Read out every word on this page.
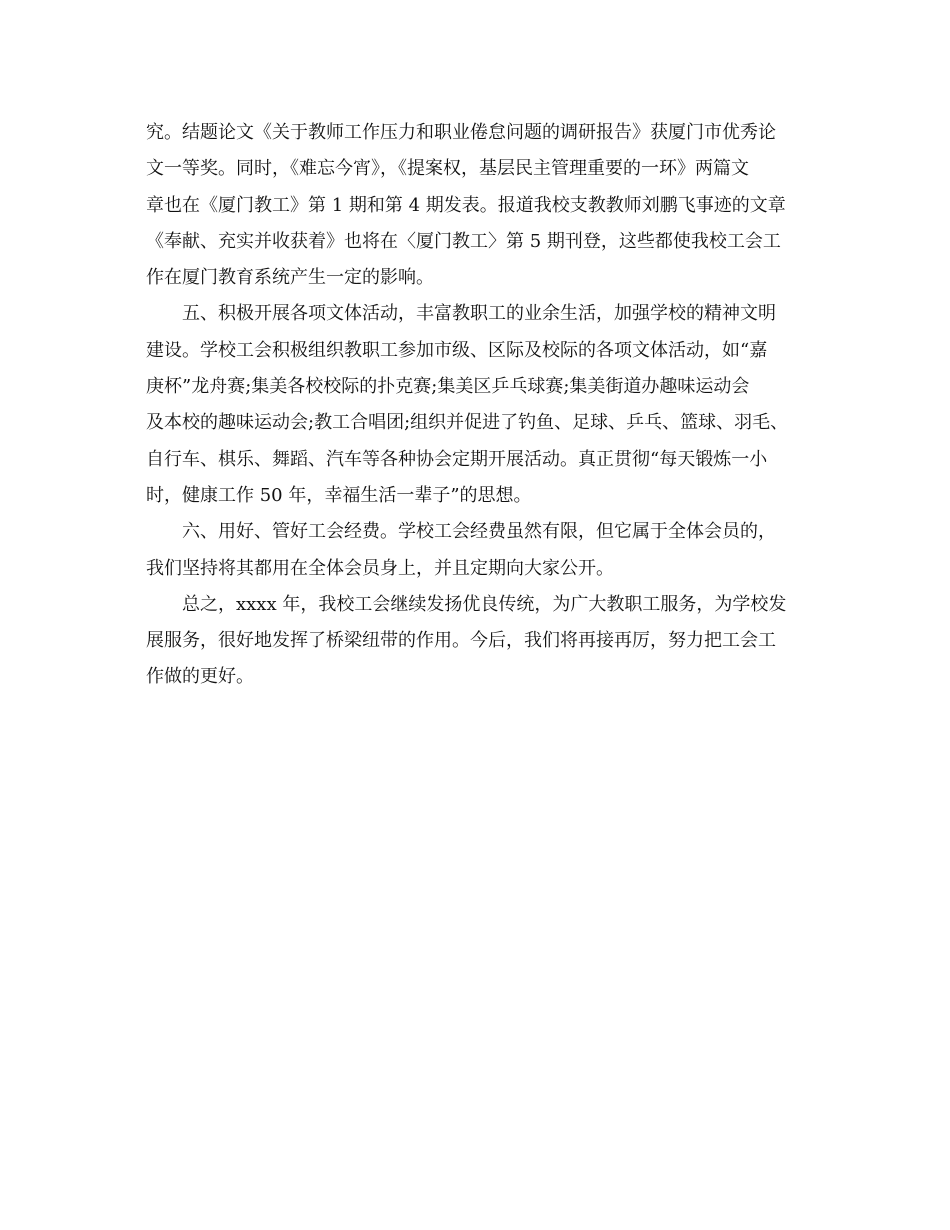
究。结题论文《关于教师工作压力和职业倦怠问题的调研报告》获厦门市优秀论
文一等奖。同时，《难忘今宵》，《提案权，基层民主管理重要的一环》两篇文
章也在《厦门教工》第 1 期和第 4 期发表。报道我校支教教师刘鹏飞事迹的文章
《奉献、充实并收获着》也将在〈厦门教工〉第 5 期刊登，这些都使我校工会工
作在厦门教育系统产生一定的影响。
五、积极开展各项文体活动，丰富教职工的业余生活，加强学校的精神文明
建设。学校工会积极组织教职工参加市级、区际及校际的各项文体活动，如“嘉
庚杯”龙舟赛;集美各校校际的扑克赛;集美区乒乓球赛;集美街道办趣味运动会
及本校的趣味运动会;教工合唱团;组织并促进了钓鱼、足球、乒乓、篮球、羽毛、
自行车、棋乐、舞蹈、汽车等各种协会定期开展活动。真正贯彻“每天锻炼一小
时，健康工作 50 年，幸福生活一辈子”的思想。
六、用好、管好工会经费。学校工会经费虽然有限，但它属于全体会员的，
我们坚持将其都用在全体会员身上，并且定期向大家公开。
总之，xxxx 年，我校工会继续发扬优良传统，为广大教职工服务，为学校发
展服务，很好地发挥了桥梁纽带的作用。今后，我们将再接再厉，努力把工会工
作做的更好。
